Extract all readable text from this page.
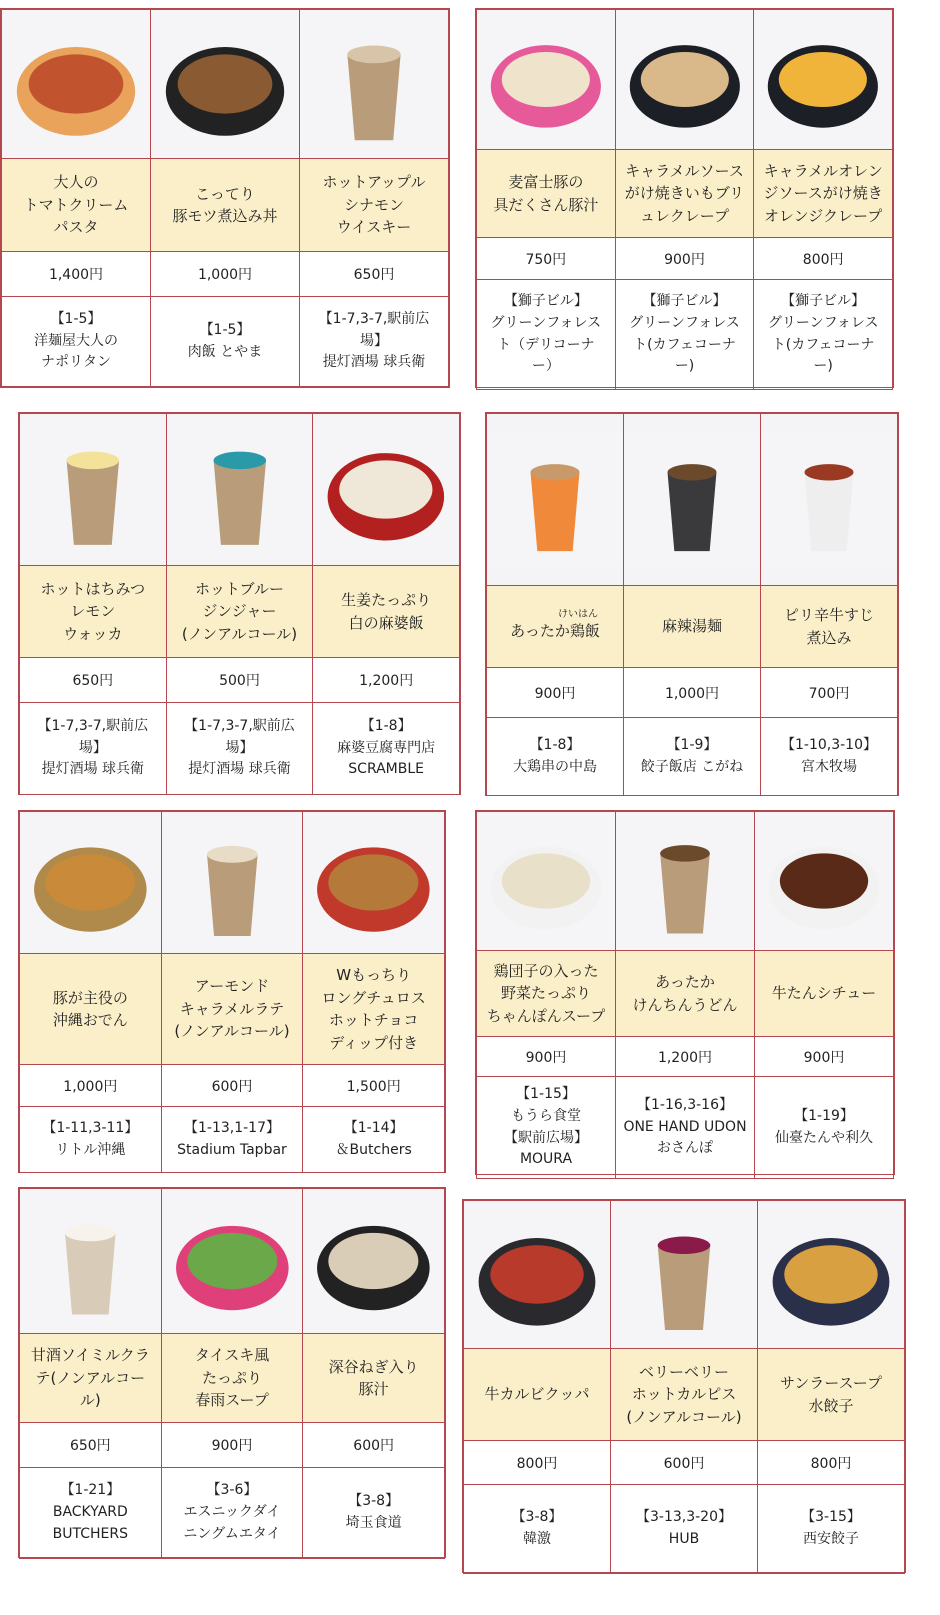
大人の
トマトクリーム
パスタ	こってり
豚モツ煮込み丼	ホットアップル
シナモン
ウイスキー
1,400円	1,000円	650円
【1-5】
洋麺屋大人の
ナポリタン	【1-5】
肉飯 とやま	【1-7,3-7,駅前広
場】
提灯酒場 球兵衛

麦富士豚の
具だくさん豚汁	キャラメルソース
がけ焼きいもブリ
ュレクレープ	キャラメルオレン
ジソースがけ焼き
オレンジクレープ
750円	900円	800円
【獅子ビル】
グリーンフォレス
ト（デリコーナ
ー）	【獅子ビル】
グリーンフォレス
ト(カフェコーナ
ー)	【獅子ビル】
グリーンフォレス
ト(カフェコーナ
ー)

ホットはちみつ
レモン
ウォッカ	ホットブルー
ジンジャー
(ノンアルコール)	生姜たっぷり
白の麻婆飯
650円	500円	1,200円
【1-7,3-7,駅前広
場】
提灯酒場 球兵衛	【1-7,3-7,駅前広
場】
提灯酒場 球兵衛	【1-8】
麻婆豆腐専門店
SCRAMBLE

けいはん
あったか鶏飯	麻辣湯麺	ピリ辛牛すじ
煮込み
900円	1,000円	700円
【1-8】
大鶏串の中島	【1-9】
餃子飯店 こがね	【1-10,3-10】
宮木牧場

豚が主役の
沖縄おでん	アーモンド
キャラメルラテ
(ノンアルコール)	Wもっちり
ロングチュロス
ホットチョコ
ディップ付き
1,000円	600円	1,500円
【1-11,3-11】
リトル沖縄	【1-13,1-17】
Stadium Tapbar	【1-14】
＆Butchers

鶏団子の入った
野菜たっぷり
ちゃんぽんスープ	あったか
けんちんうどん	牛たんシチュー
900円	1,200円	900円
【1-15】
もうら食堂
【駅前広場】
MOURA	【1-16,3-16】
ONE HAND UDON
おさんぽ	【1-19】
仙臺たんや利久

甘酒ソイミルクラ
テ(ノンアルコー
ル)	タイスキ風
たっぷり
春雨スープ	深谷ねぎ入り
豚汁
650円	900円	600円
【1-21】
BACKYARD
BUTCHERS	【3-6】
エスニックダイ
ニングムエタイ	【3-8】
埼玉食道

牛カルビクッパ	ベリーベリー
ホットカルピス
(ノンアルコール)	サンラースープ
水餃子
800円	600円	800円
【3-8】
韓激	【3-13,3-20】
HUB	【3-15】
西安餃子
